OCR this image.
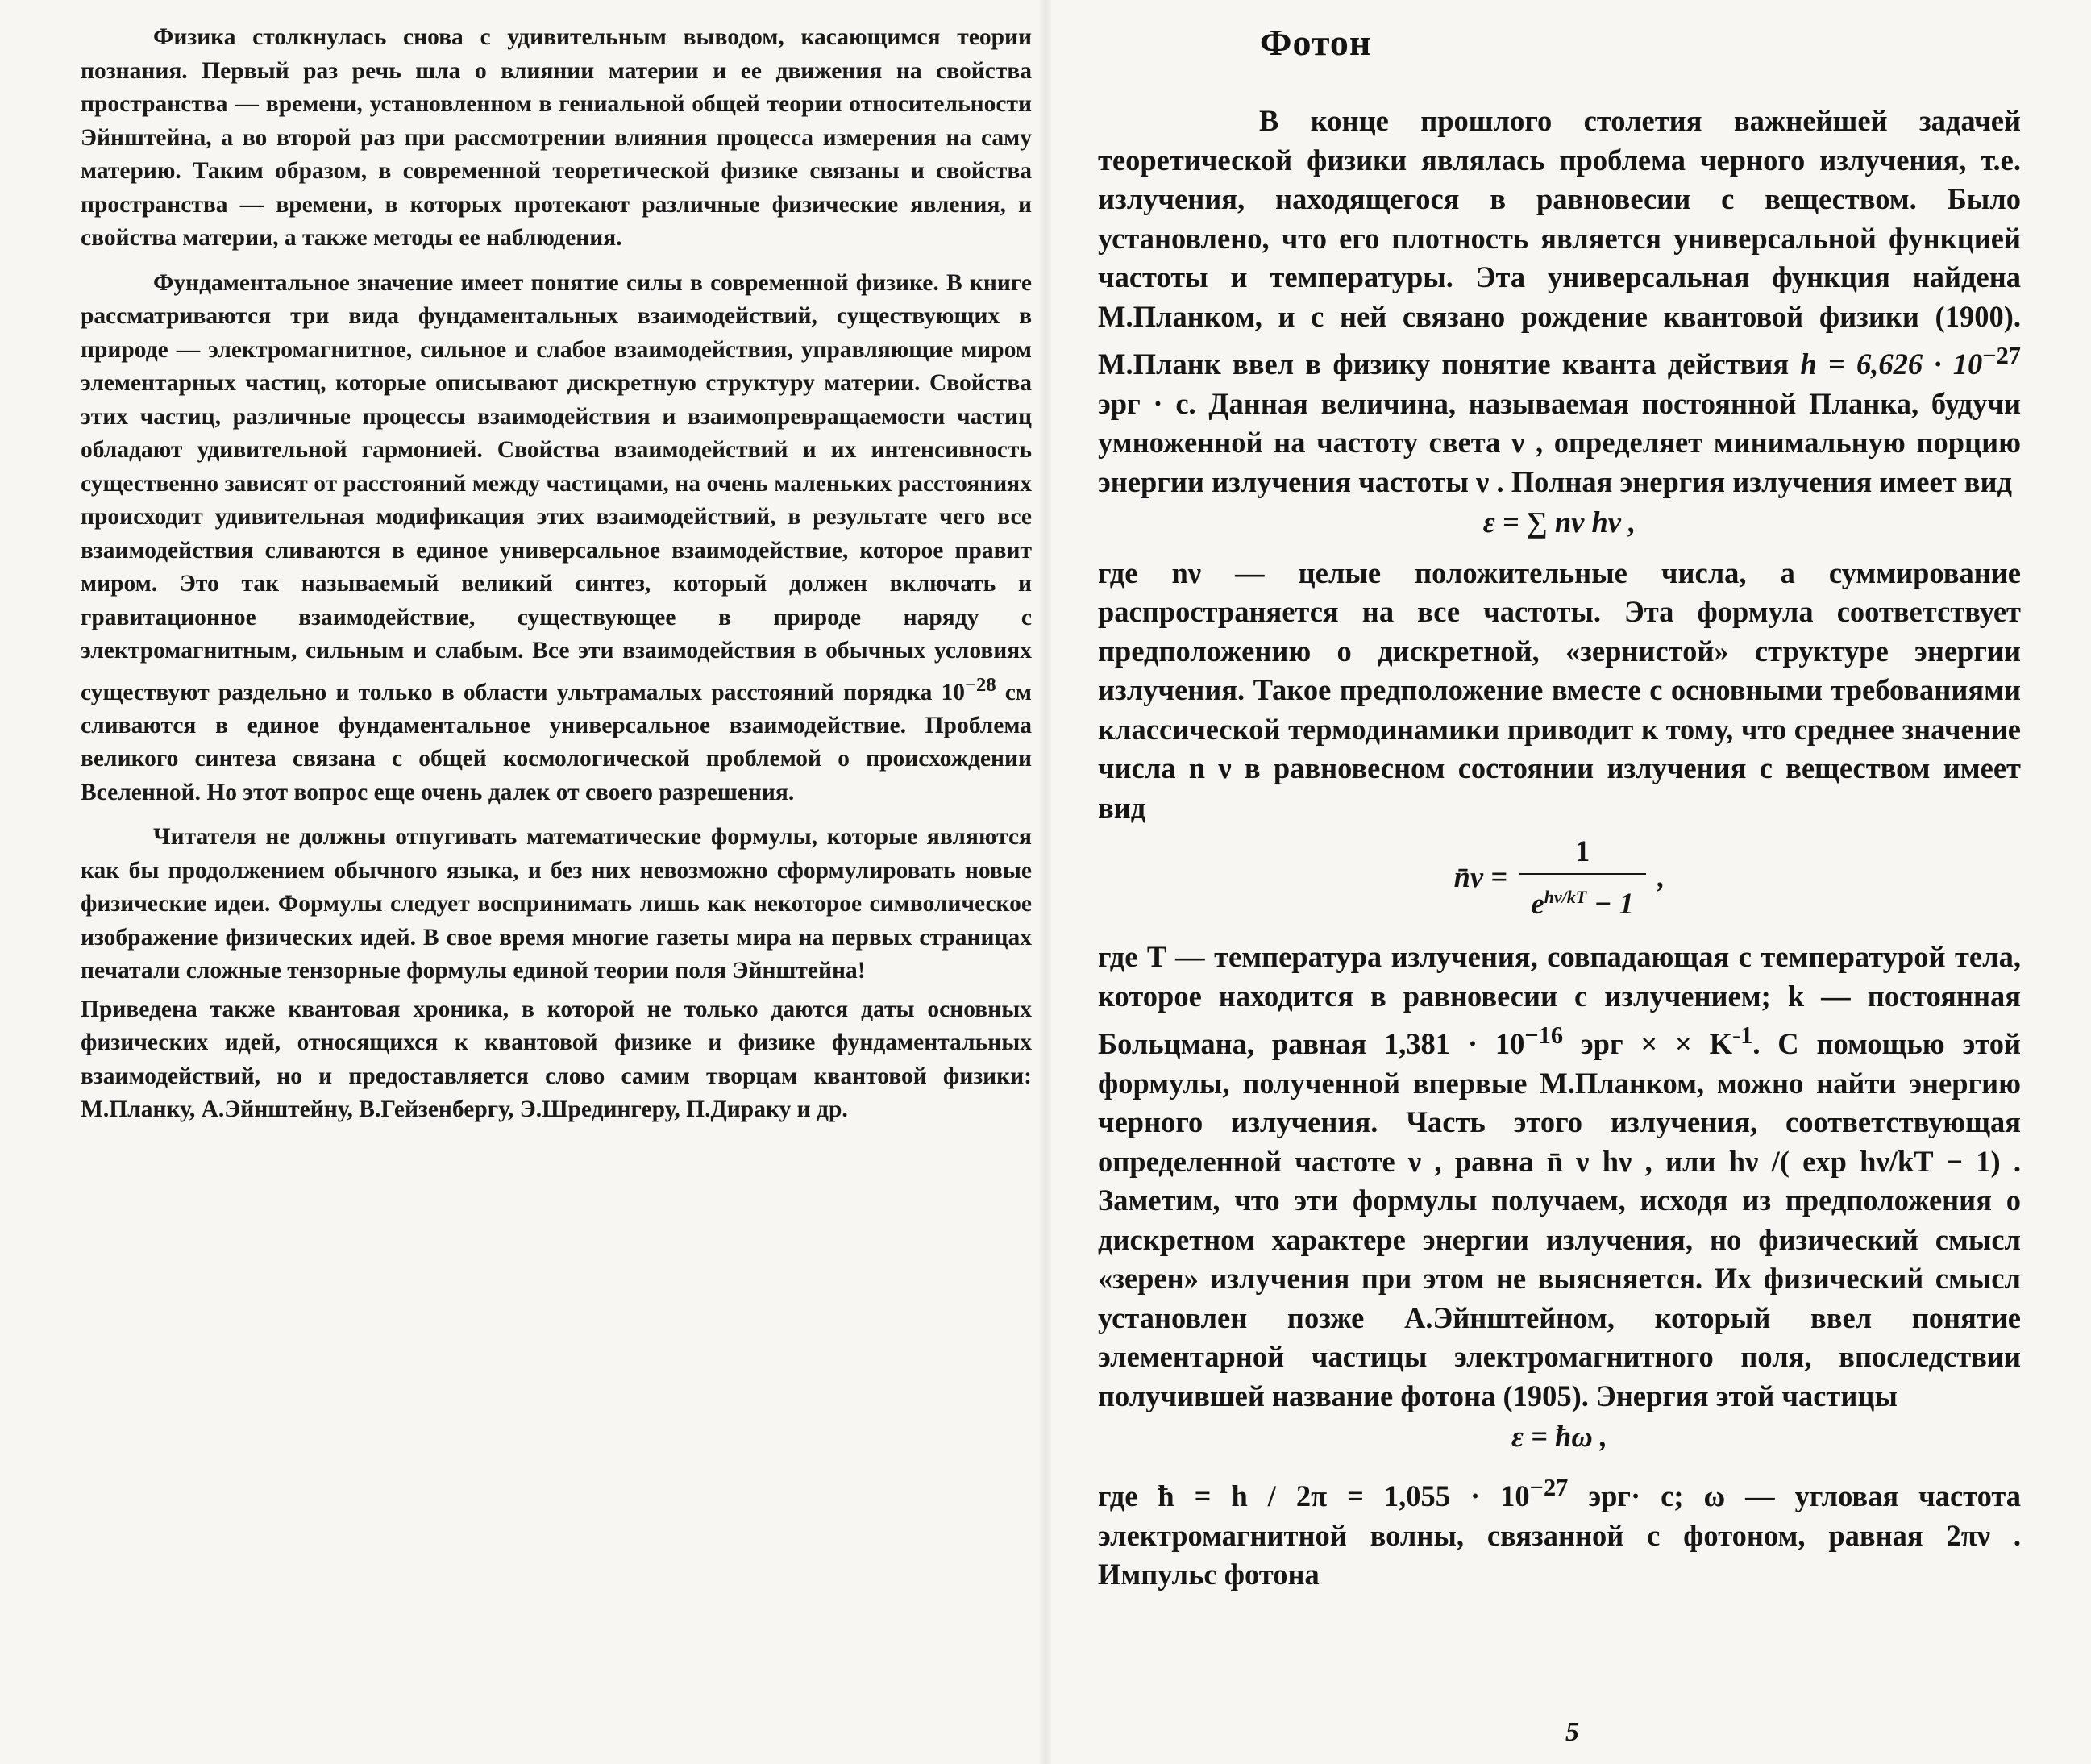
Физика столкнулась снова с удивительным выводом, касающимся теории познания. Первый раз речь шла о влиянии материи и ее движения на свойства пространства — времени, установленном в гениальной общей теории относительности Эйнштейна, а во второй раз при рассмотрении влияния процесса измерения на саму материю. Таким образом, в современной теоретической физике связаны и свойства пространства — времени, в которых протекают различные физические явления, и свойства материи, а также методы ее наблюдения.

Фундаментальное значение имеет понятие силы в современной физике. В книге рассматриваются три вида фундаментальных взаимодействий, существующих в природе — электромагнитное, сильное и слабое взаимодействия, управляющие миром элементарных частиц, которые описывают дискретную структуру материи. Свойства этих частиц, различные процессы взаимодействия и взаимопревращаемости частиц обладают удивительной гармонией. Свойства взаимодействий и их интенсивность существенно зависят от расстояний между частицами, на очень маленьких расстояниях происходит удивительная модификация этих взаимодействий, в результате чего все взаимодействия сливаются в единое универсальное взаимодействие, которое правит миром. Это так называемый великий синтез, который должен включать и гравитационное взаимодействие, существующее в природе наряду с электромагнитным, сильным и слабым. Все эти взаимодействия в обычных условиях существуют раздельно и только в области ультрамалых расстояний порядка $10^{-28}$ см сливаются в единое фундаментальное универсальное взаимодействие. Проблема великого синтеза связана с общей космологической проблемой о происхождении Вселенной. Но этот вопрос еще очень далек от своего разрешения.

Читателя не должны отпугивать математические формулы, которые являются как бы продолжением обычного языка, и без них невозможно сформулировать новые физические идеи. Формулы следует воспринимать лишь как некоторое символическое изображение физических идей. В свое время многие газеты мира на первых страницах печатали сложные тензорные формулы единой теории поля Эйнштейна!

Приведена также квантовая хроника, в которой не только даются даты основных физических идей, относящихся к квантовой физике и физике фундаментальных взаимодействий, но и предоставляется слово самим творцам квантовой физики: М.Планку, А.Эйнштейну, В.Гейзенбергу, Э.Шредингеру, П.Дираку и др.

Фотон

В конце прошлого столетия важнейшей задачей теоретической физики являлась проблема черного излучения, т.е. излучения, находящегося в равновесии с веществом. Было установлено, что его плотность является универсальной функцией частоты и температуры. Эта универсальная функция найдена М.Планком, и с ней связано рождение квантовой физики (1900). М.Планк ввел в физику понятие кванта действия $h = 6,626 \cdot 10^{-27}$ эрг · с. Данная величина, называемая постоянной Планка, будучи умноженной на частоту света ν , определяет минимальную порцию энергии излучения частоты ν . Полная энергия излучения имеет вид

ε = ∑ nν hν ,

где nν — целые положительные числа, а суммирование распространяется на все частоты. Эта формула соответствует предположению о дискретной, «зернистой» структуре энергии излучения. Такое предположение вместе с основными требованиями классической термодинамики приводит к тому, что среднее значение числа n ν в равновесном состоянии излучения с веществом имеет вид

n̄ν = $\frac{1}{e^{h\nu/kT} - 1}$ ,

где T — температура излучения, совпадающая с температурой тела, которое находится в равновесии с излучением; k — постоянная Больцмана, равная $1,381 \cdot 10^{-16}$ эрг × × $K^{-1}$. С помощью этой формулы, полученной впервые М.Планком, можно найти энергию черного излучения. Часть этого излучения, соответствующая определенной частоте ν , равна n̄ ν hν , или hν /( exp hν/kT − 1) . Заметим, что эти формулы получаем, исходя из предположения о дискретном характере энергии излучения, но физический смысл «зерен» излучения при этом не выясняется. Их физический смысл установлен позже А.Эйнштейном, который ввел понятие элементарной частицы электромагнитного поля, впоследствии получившей название фотона (1905). Энергия этой частицы

ε = ħω ,

где ħ = $h / 2\pi = 1,055 \cdot 10^{-27}$ эрг· с; ω — угловая частота электромагнитной волны, связанной с фотоном, равная 2πν . Импульс фотона

5
